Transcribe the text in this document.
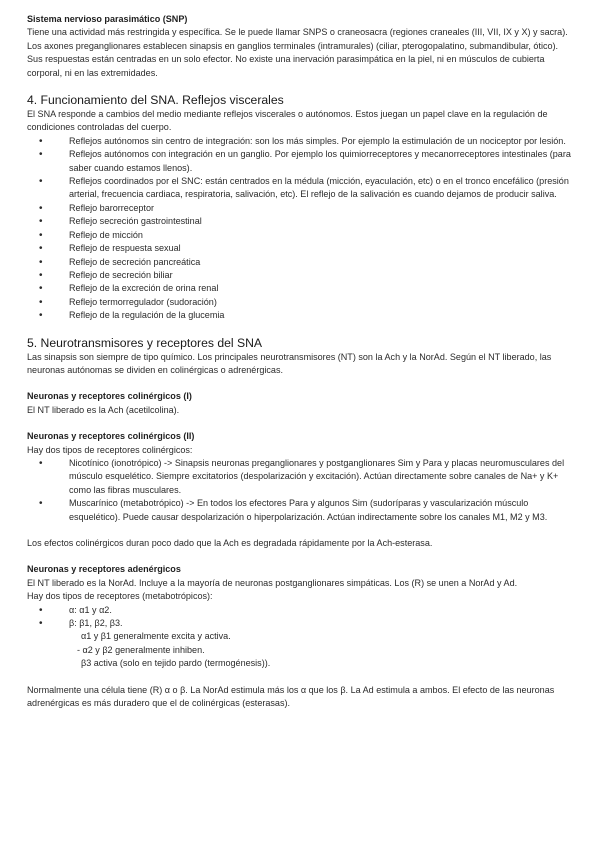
Sistema nervioso parasimático (SNP)

Tiene una actividad más restringida y específica. Se le puede llamar SNPS o craneosacra (regiones craneales (III, VII, IX y X) y sacra). Los axones preganglionares establecen sinapsis en ganglios terminales (intramurales) (ciliar, pterogopalatino, submandibular, ótico).

Sus respuestas están centradas en un solo efector. No existe una inervación parasimpática en la piel, ni en músculos de cubierta corporal, ni en las extremidades.

4. Funcionamiento del SNA. Reflejos viscerales

El SNA responde a cambios del medio mediante reflejos viscerales o autónomos. Estos juegan un papel clave en la regulación de condiciones controladas del cuerpo.

• Reflejos autónomos sin centro de integración: son los más simples. Por ejemplo la estimulación de un nociceptor por lesión.
• Reflejos autónomos con integración en un ganglio. Por ejemplo los quimiorreceptores y mecanorreceptores intestinales (para saber cuando estamos llenos).
• Reflejos coordinados por el SNC: están centrados en la médula (micción, eyaculación, etc) o en el tronco encefálico (presión arterial, frecuencia cardiaca, respiratoria, salivación, etc). El reflejo de la salivación es cuando dejamos de producir saliva.
• Reflejo barorreceptor
• Reflejo secreción gastrointestinal
• Reflejo de micción
• Reflejo de respuesta sexual
• Reflejo de secreción pancreática
• Reflejo de secreción biliar
• Reflejo de la excreción de orina renal
• Reflejo termorregulador (sudoración)
• Reflejo de la regulación de la glucemia
5. Neurotransmisores y receptores del SNA

Las sinapsis son siempre de tipo químico. Los principales neurotransmisores (NT) son la Ach y la NorAd. Según el NT liberado, las neuronas autónomas se dividen en colinérgicas o adrenérgicas.

Neuronas y receptores colinérgicos (I)

El NT liberado es la Ach (acetilcolina).

Neuronas y receptores colinérgicos (II)

Hay dos tipos de receptores colinérgicos:

• Nicotínico (ionotrópico) -> Sinapsis neuronas preganglionares y postganglionares Sim y Para y placas neuromusculares del músculo esquelético. Siempre excitatorios (despolarización y excitación). Actúan directamente sobre canales de Na+ y K+ como las fibras musculares.
• Muscarínico (metabotrópico) -> En todos los efectores Para y algunos Sim (sudoríparas y vascularización músculo esquelético). Puede causar despolarización o hiperpolarización. Actúan indirectamente sobre los canales M1, M2 y M3.

Los efectos colinérgicos duran poco dado que la Ach es degradada rápidamente por la Ach-esterasa.

Neuronas y receptores adenérgicos

El NT liberado es la NorAd. Incluye a la mayoría de neuronas postganglionares simpáticas. Los (R) se unen a NorAd y Ad.

Hay dos tipos de receptores (metabotrópicos):

• α: α1 y α2.
• β: β1, β2, β3.
α1 y β1 generalmente excita y activa.
- α2 y β2 generalmente inhiben.
β3 activa (solo en tejido pardo (termogénesis)).

Normalmente una célula tiene (R) α o β. La NorAd estimula más los α que los β. La Ad estimula a ambos. El efecto de las neuronas adrenérgicas es más duradero que el de colinérgicas (esterasas).
